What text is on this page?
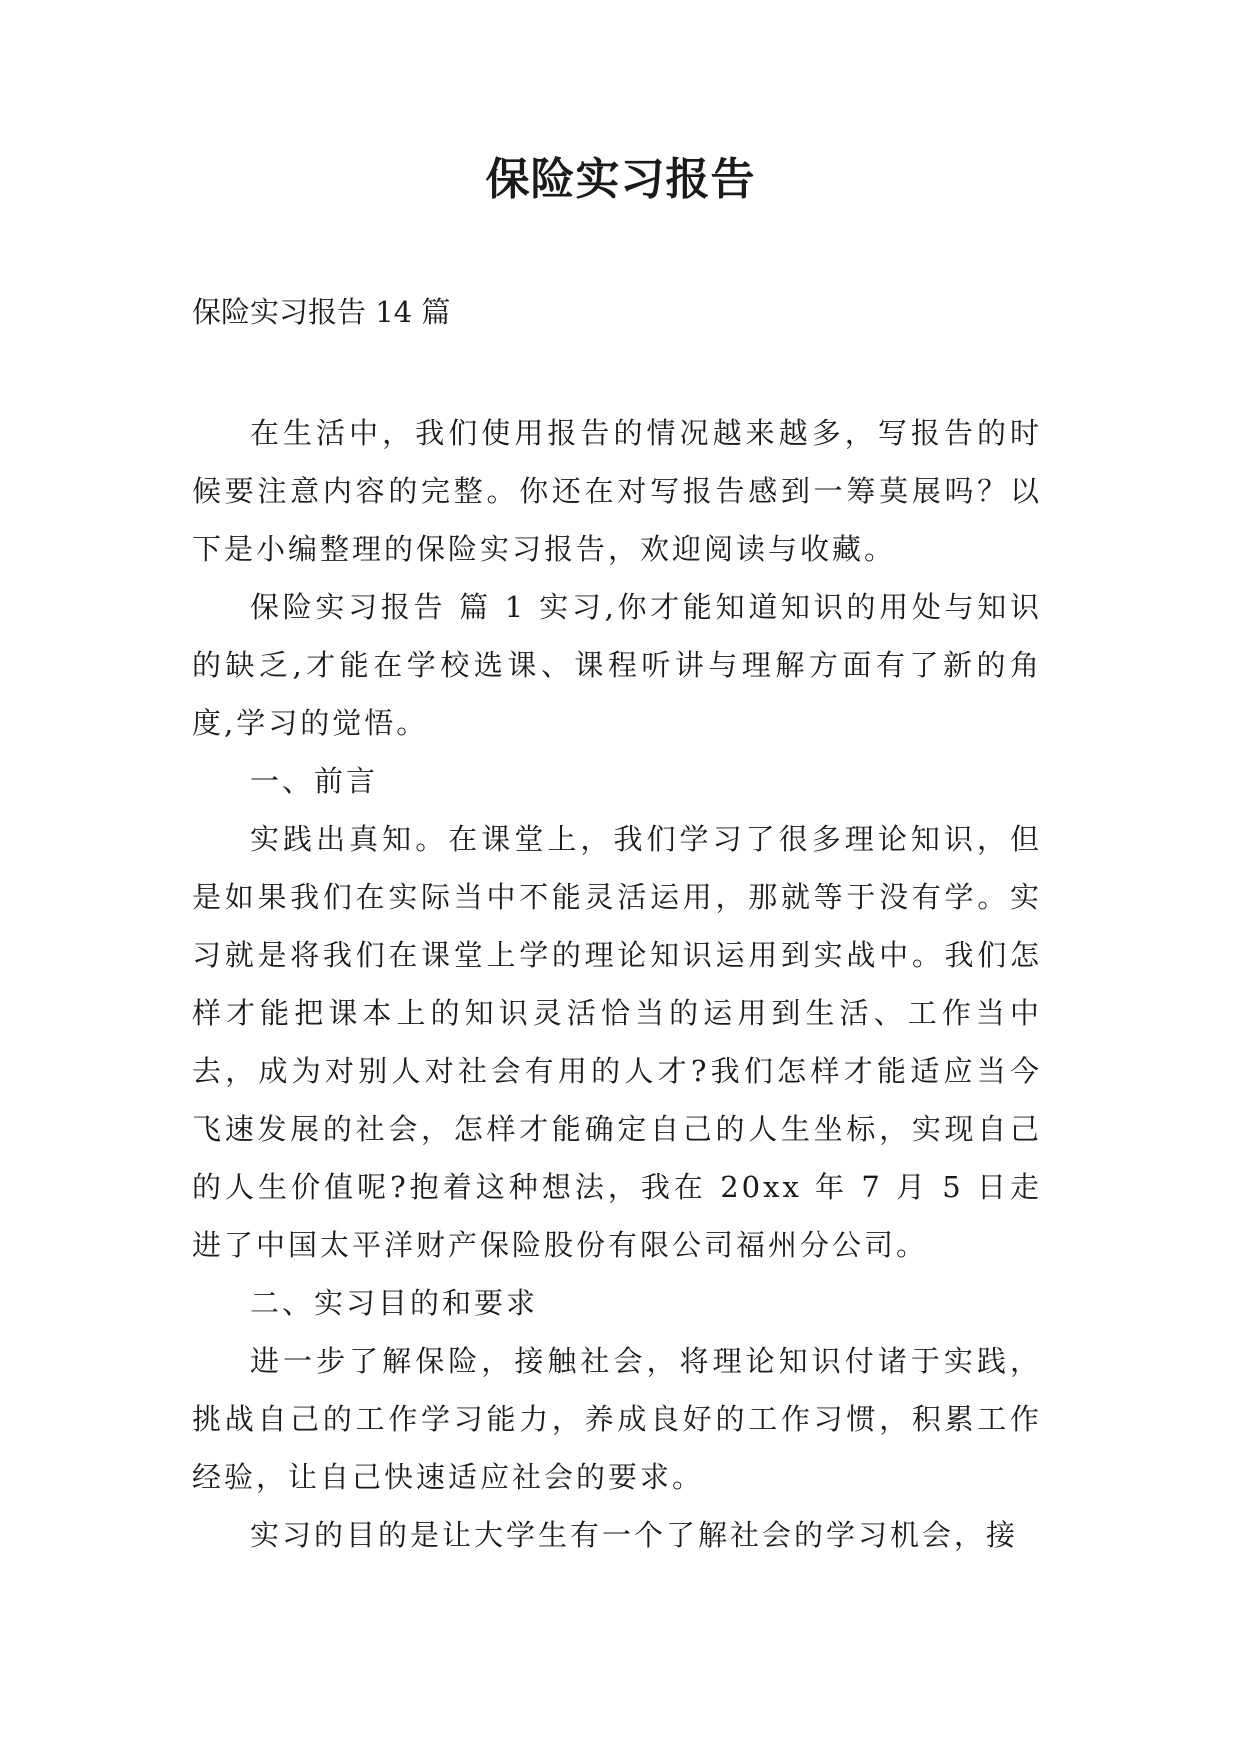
保险实习报告
保险实习报告 14 篇

在生活中，我们使用报告的情况越来越多，写报告的时候要注意内容的完整。你还在对写报告感到一筹莫展吗？以下是小编整理的保险实习报告，欢迎阅读与收藏。

保险实习报告 篇 1 实习,你才能知道知识的用处与知识的缺乏,才能在学校选课、课程听讲与理解方面有了新的角度,学习的觉悟。

一、前言

实践出真知。在课堂上，我们学习了很多理论知识，但是如果我们在实际当中不能灵活运用，那就等于没有学。实习就是将我们在课堂上学的理论知识运用到实战中。我们怎样才能把课本上的知识灵活恰当的运用到生活、工作当中去，成为对别人对社会有用的人才?我们怎样才能适应当今飞速发展的社会，怎样才能确定自己的人生坐标，实现自己的人生价值呢?抱着这种想法，我在 20xx 年 7 月 5 日走进了中国太平洋财产保险股份有限公司福州分公司。

二、实习目的和要求

进一步了解保险，接触社会，将理论知识付诸于实践，挑战自己的工作学习能力，养成良好的工作习惯，积累工作经验，让自己快速适应社会的要求。

实习的目的是让大学生有一个了解社会的学习机会，接
